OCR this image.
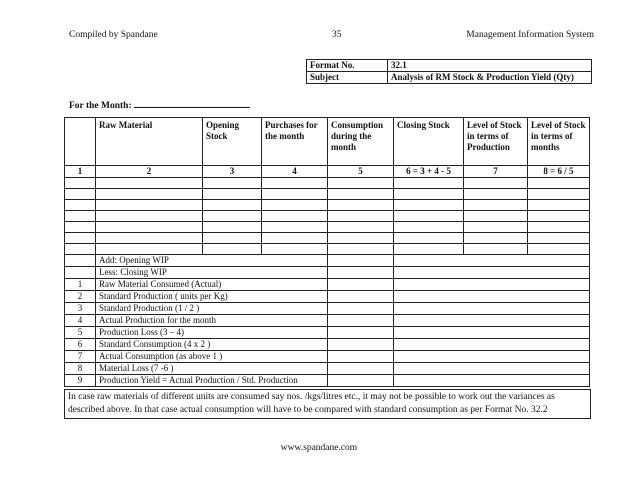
Compiled by Spandane	35	Management Information System
Format No.	32.1
Subject	Analysis of RM Stock & Production Yield (Qty)
For the Month:
	Raw Material	Opening Stock	Purchases for the month	Consumption during the month	Closing Stock	Level of Stock in terms of Production	Level of Stock in terms of months
1	2	3	4	5	6 = 3 + 4 - 5	7	8 = 6 / 5

	Add: Opening WIP						
	Less: Closing WIP						
1	Raw Material Consumed (Actual)						
2	Standard Production ( units per Kg)						
3	Standard Production (1 / 2 )						
4	Actual Production for the month						
5	Production Loss (3 – 4)						
6	Standard Consumption (4 x 2 )						
7	Actual Consumption (as above 1 )						
8	Material Loss (7 -6 )						
9	Production Yield = Actual Production / Std. Production						
In case raw materials of different units are consumed say nos. /kgs/litres etc., it may not be possible to work out the variances as described above. In that case actual consumption will have to be compared with standard consumption as per Format No. 32.2
www.spandane.com
